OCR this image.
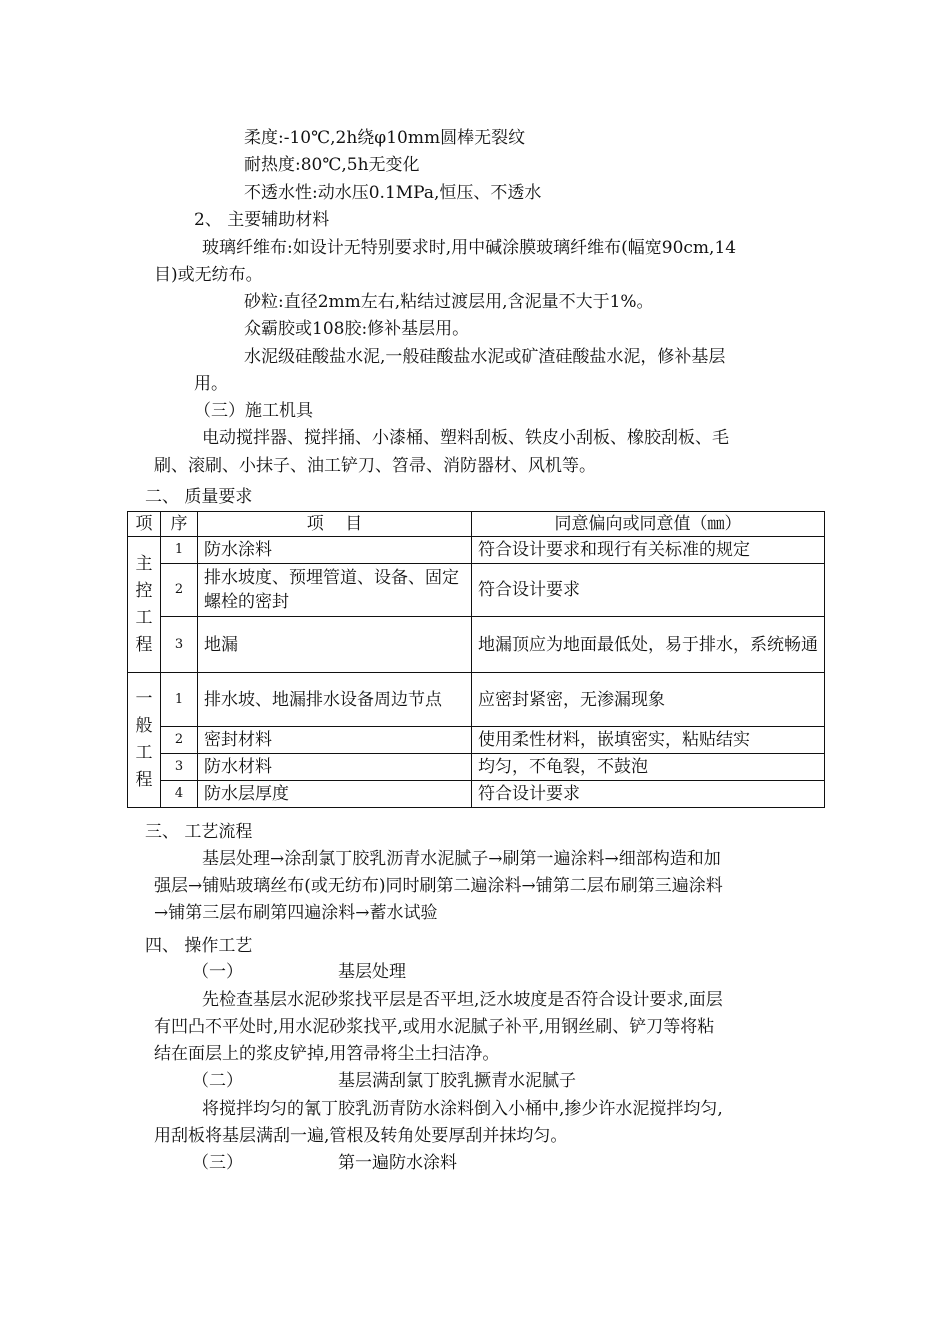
柔度:-10℃,2h绕φ10mm圆棒无裂纹
耐热度:80℃,5h无变化
不透水性:动水压0.1MPa,恒压、不透水
2、 主要辅助材料
玻璃纤维布:如设计无特别要求时,用中碱涂膜玻璃纤维布(幅宽90cm,14
目)或无纺布。
砂粒:直径2mm左右,粘结过渡层用,含泥量不大于1%。
众霸胶或108胶:修补基层用。
水泥级硅酸盐水泥,一般硅酸盐水泥或矿渣硅酸盐水泥，修补基层
用。
（三）施工机具
电动搅拌器、搅拌捅、小漆桶、塑料刮板、铁皮小刮板、橡胶刮板、毛
刷、滚刷、小抹子、油工铲刀、笤帚、消防器材、风机等。
二、 质量要求
项	序	项    目	同意偏向或同意值（㎜）
主控工程	1	防水涂料	符合设计要求和现行有关标准的规定
	2	排水坡度、预埋管道、设备、固定螺栓的密封	符合设计要求
	3	地漏	地漏顶应为地面最低处，易于排水，系统畅通
一般工程	1	排水坡、地漏排水设备周边节点	应密封紧密，无渗漏现象
	2	密封材料	使用柔性材料，嵌填密实，粘贴结实
	3	防水材料	均匀，不龟裂，不鼓泡
	4	防水层厚度	符合设计要求
三、 工艺流程
基层处理→涂刮氯丁胶乳沥青水泥腻子→刷第一遍涂料→细部构造和加
强层→铺贴玻璃丝布(或无纺布)同时刷第二遍涂料→铺第二层布刷第三遍涂料
→铺第三层布刷第四遍涂料→蓄水试验
四、 操作工艺
（一）	基层处理
先检查基层水泥砂浆找平层是否平坦,泛水坡度是否符合设计要求,面层
有凹凸不平处时,用水泥砂浆找平,或用水泥腻子补平,用钢丝刷、铲刀等将粘
结在面层上的浆皮铲掉,用笤帚将尘土扫洁净。
（二）	基层满刮氯丁胶乳撅青水泥腻子
将搅拌均匀的氰丁胶乳沥青防水涂料倒入小桶中,掺少许水泥搅拌均匀,
用刮板将基层满刮一遍,管根及转角处要厚刮并抹均匀。
（三）	第一遍防水涂料
